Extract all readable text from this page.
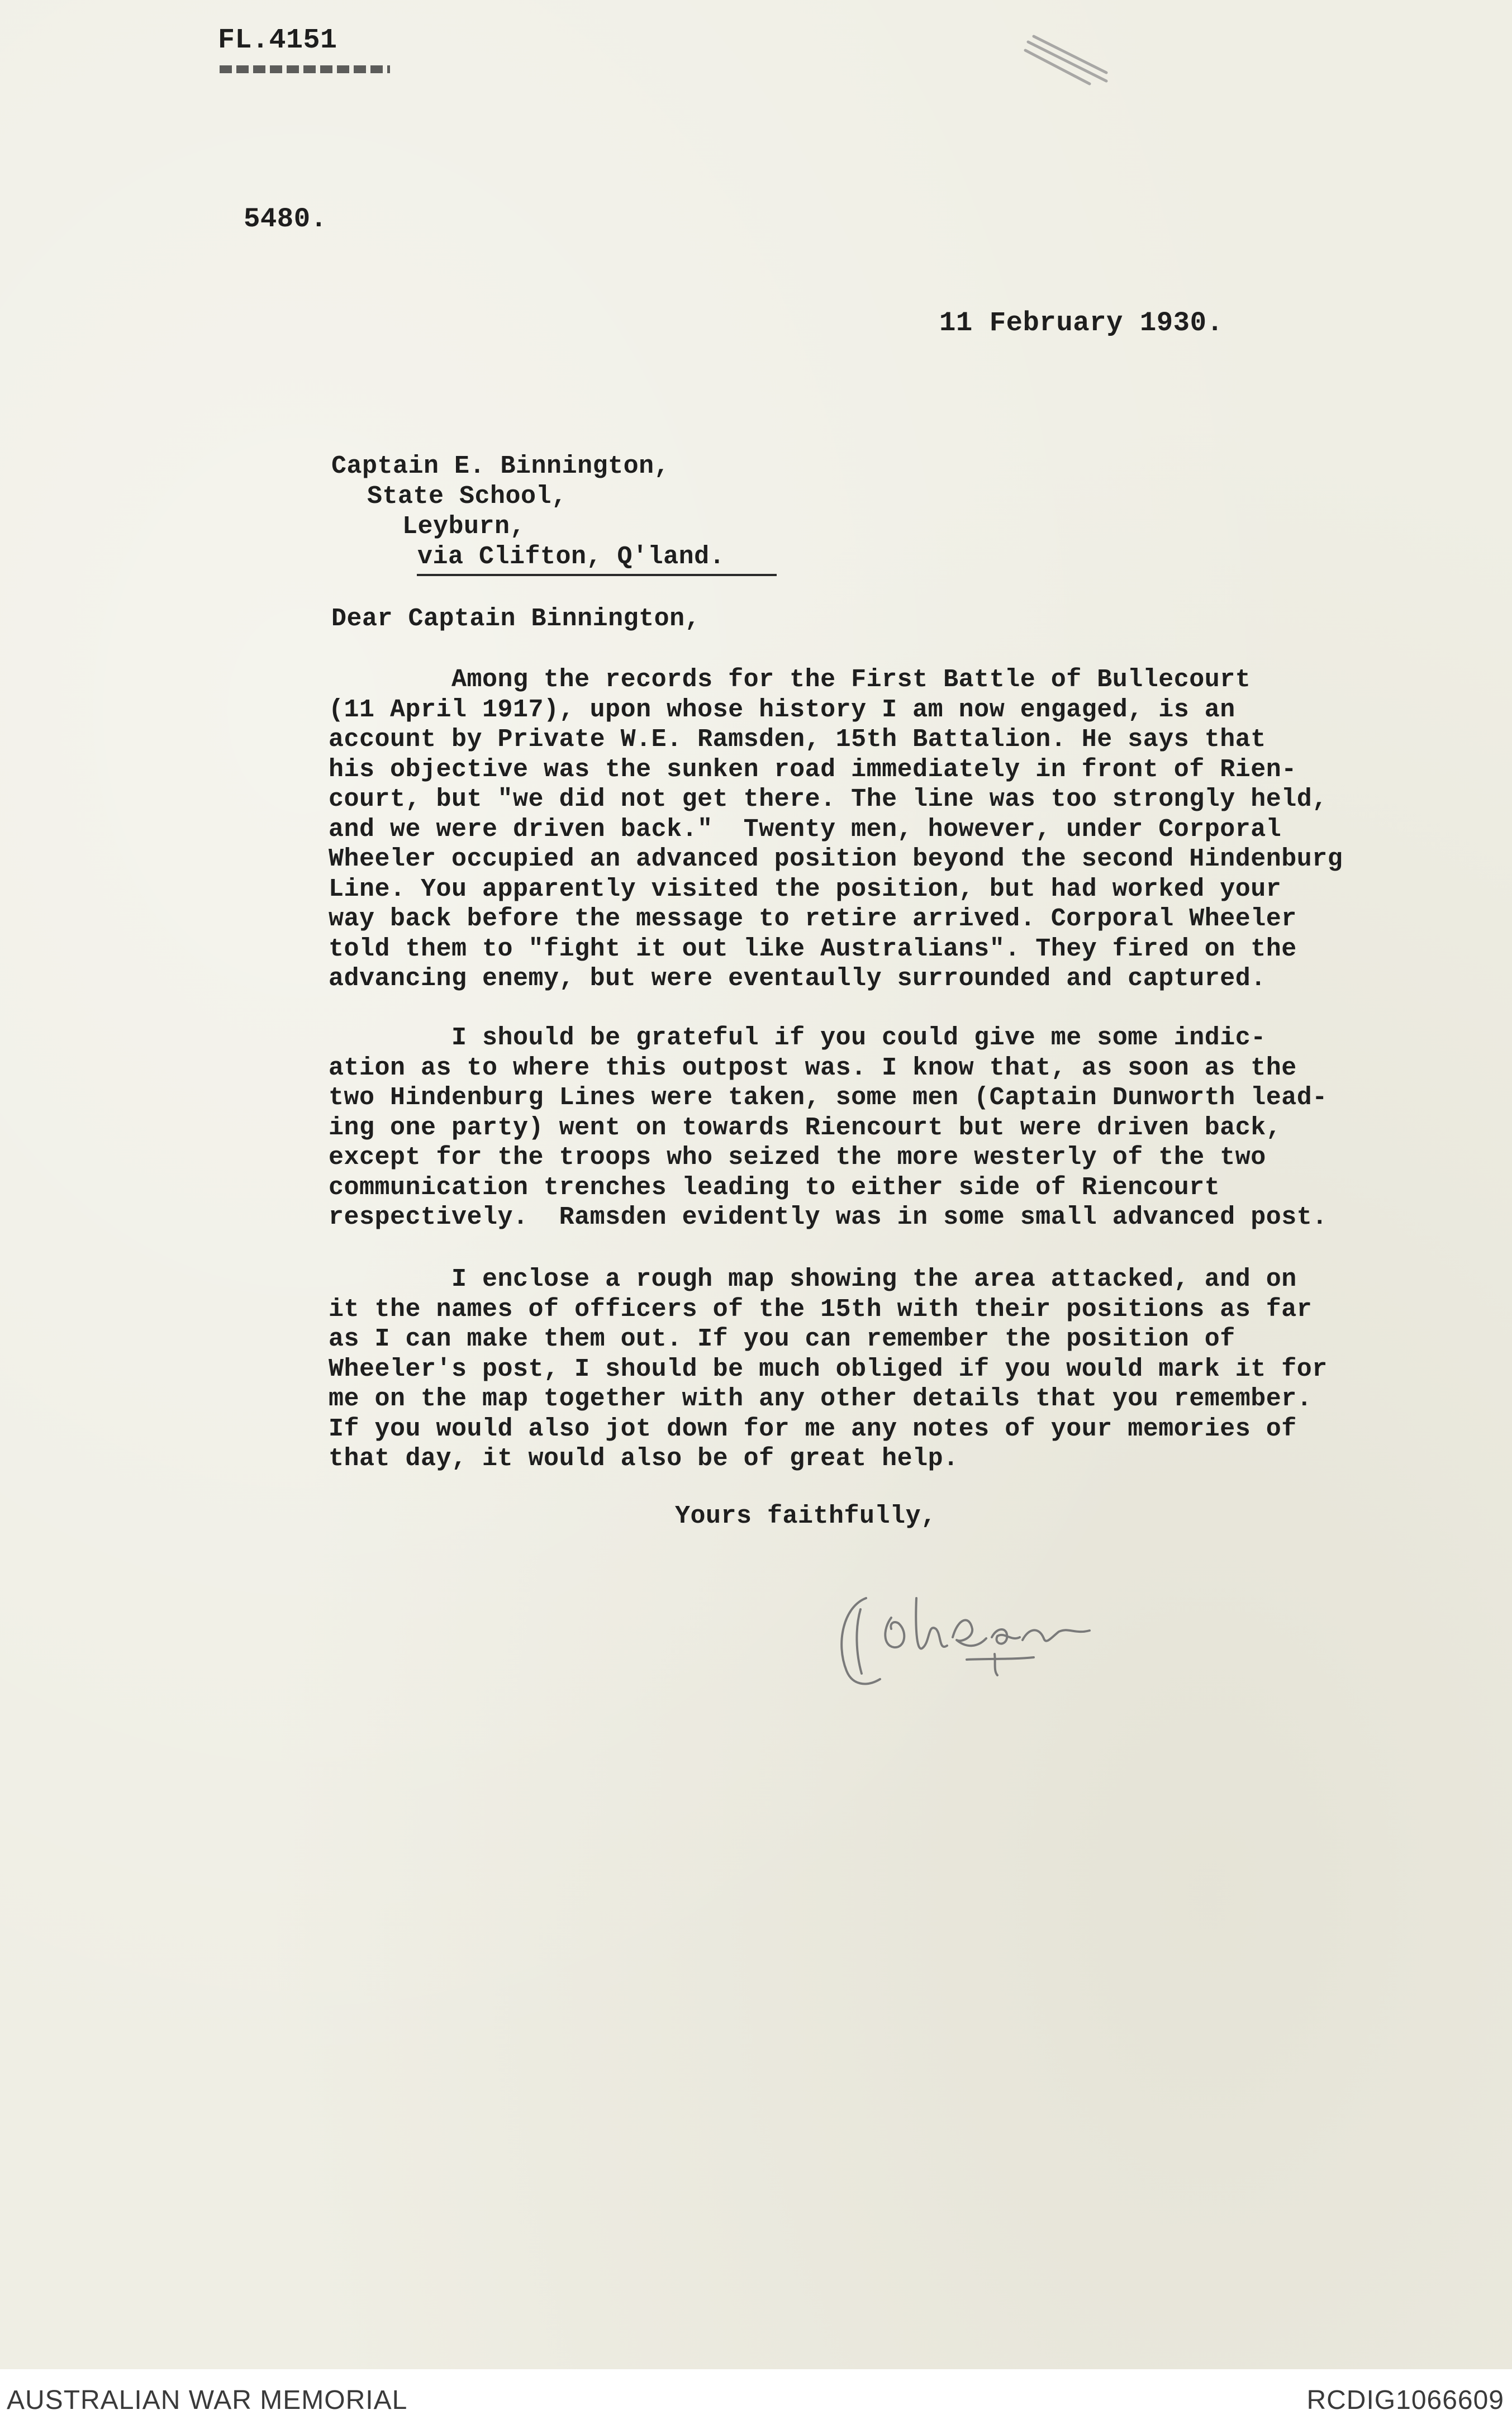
FL.4151

5480.

11 February 1930.

Captain E. Binnington,

State School,

Leyburn,

via Clifton, Q'land.

Dear Captain Binnington,

Among the records for the First Battle of Bullecourt
(11 April 1917), upon whose history I am now engaged, is an
account by Private W.E. Ramsden, 15th Battalion. He says that
his objective was the sunken road immediately in front of Rien-
court, but "we did not get there. The line was too strongly held,
and we were driven back."  Twenty men, however, under Corporal
Wheeler occupied an advanced position beyond the second Hindenburg
Line. You apparently visited the position, but had worked your
way back before the message to retire arrived. Corporal Wheeler
told them to "fight it out like Australians". They fired on the
advancing enemy, but were eventaully surrounded and captured.
I should be grateful if you could give me some indic-
ation as to where this outpost was. I know that, as soon as the
two Hindenburg Lines were taken, some men (Captain Dunworth lead-
ing one party) went on towards Riencourt but were driven back,
except for the troops who seized the more westerly of the two
communication trenches leading to either side of Riencourt
respectively.  Ramsden evidently was in some small advanced post.
I enclose a rough map showing the area attacked, and on
it the names of officers of the 15th with their positions as far
as I can make them out. If you can remember the position of
Wheeler's post, I should be much obliged if you would mark it for
me on the map together with any other details that you remember.
If you would also jot down for me any notes of your memories of
that day, it would also be of great help.

Yours faithfully,

AUSTRALIAN WAR MEMORIAL	RCDIG1066609
